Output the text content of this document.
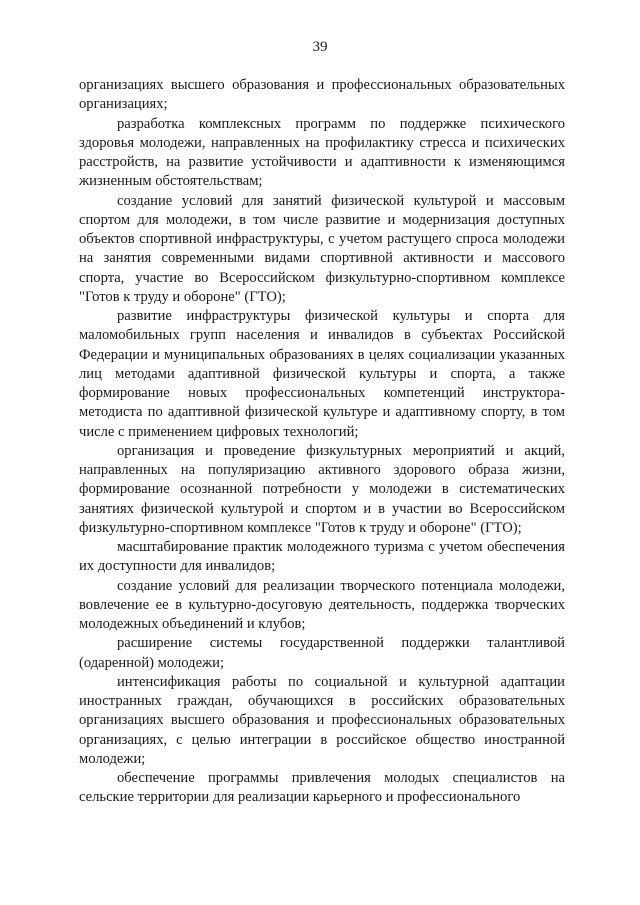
39

организациях высшего образования и профессиональных образовательных организациях;

разработка комплексных программ по поддержке психического здоровья молодежи, направленных на профилактику стресса и психических расстройств, на развитие устойчивости и адаптивности к изменяющимся жизненным обстоятельствам;

создание условий для занятий физической культурой и массовым спортом для молодежи, в том числе развитие и модернизация доступных объектов спортивной инфраструктуры, с учетом растущего спроса молодежи на занятия современными видами спортивной активности и массового спорта, участие во Всероссийском физкультурно-спортивном комплексе "Готов к труду и обороне" (ГТО);

развитие инфраструктуры физической культуры и спорта для маломобильных групп населения и инвалидов в субъектах Российской Федерации и муниципальных образованиях в целях социализации указанных лиц методами адаптивной физической культуры и спорта, а также формирование новых профессиональных компетенций инструктора-методиста по адаптивной физической культуре и адаптивному спорту, в том числе с применением цифровых технологий;

организация и проведение физкультурных мероприятий и акций, направленных на популяризацию активного здорового образа жизни, формирование осознанной потребности у молодежи в систематических занятиях физической культурой и спортом и в участии во Всероссийском физкультурно-спортивном комплексе "Готов к труду и обороне" (ГТО);

масштабирование практик молодежного туризма с учетом обеспечения их доступности для инвалидов;

создание условий для реализации творческого потенциала молодежи, вовлечение ее в культурно-досуговую деятельность, поддержка творческих молодежных объединений и клубов;

расширение системы государственной поддержки талантливой (одаренной) молодежи;

интенсификация работы по социальной и культурной адаптации иностранных граждан, обучающихся в российских образовательных организациях высшего образования и профессиональных образовательных организациях, с целью интеграции в российское общество иностранной молодежи;

обеспечение программы привлечения молодых специалистов на сельские территории для реализации карьерного и профессионального
